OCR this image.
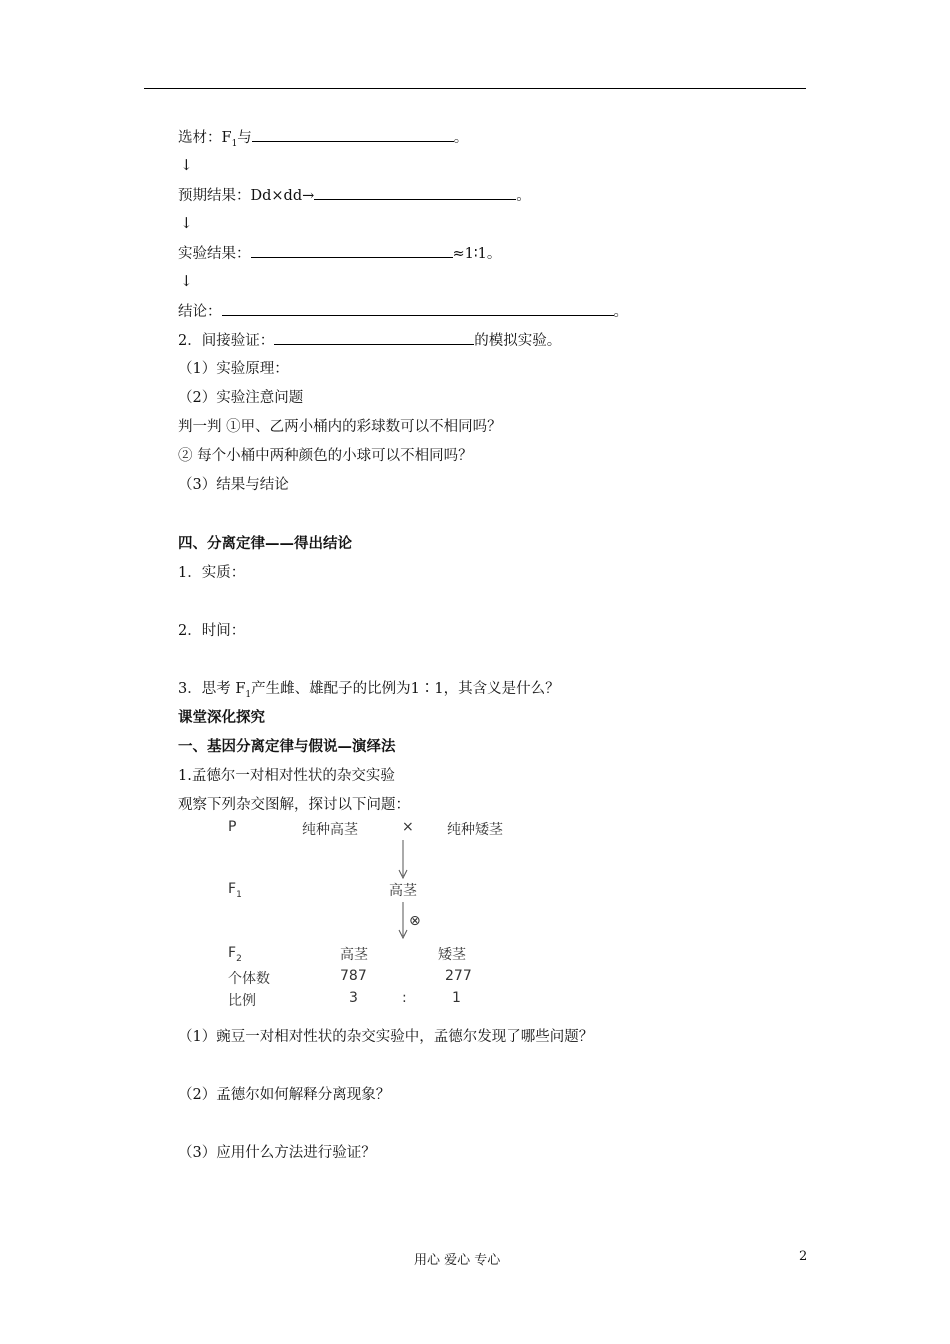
选材：$F_1$与	。
↓
预期结果：Dd×dd→	。
↓
实验结果：	≈1∶1。
↓
结论：	。
2．间接验证：	的模拟实验。
（1）实验原理：
（2）实验注意问题
判一判 ①甲、乙两小桶内的彩球数可以不相同吗？
② 每个小桶中两种颜色的小球可以不相同吗？
（3）结果与结论
四、分离定律——得出结论
1．实质：
2．时间：
3．思考 $F_1$产生雌、雄配子的比例为1∶1，其含义是什么？
课堂深化探究
一、基因分离定律与假说—演绎法
1.孟德尔一对相对性状的杂交实验
观察下列杂交图解，探讨以下问题：
P	纯种高茎	× 纯种矮茎
$F_1$	高茎
⊗
$F_2$	高茎	矮茎
个体数	787	277
比例	3	:	1
（1）豌豆一对相对性状的杂交实验中，孟德尔发现了哪些问题？
（2）孟德尔如何解释分离现象？
（3）应用什么方法进行验证？
用心 爱心 专心	2
